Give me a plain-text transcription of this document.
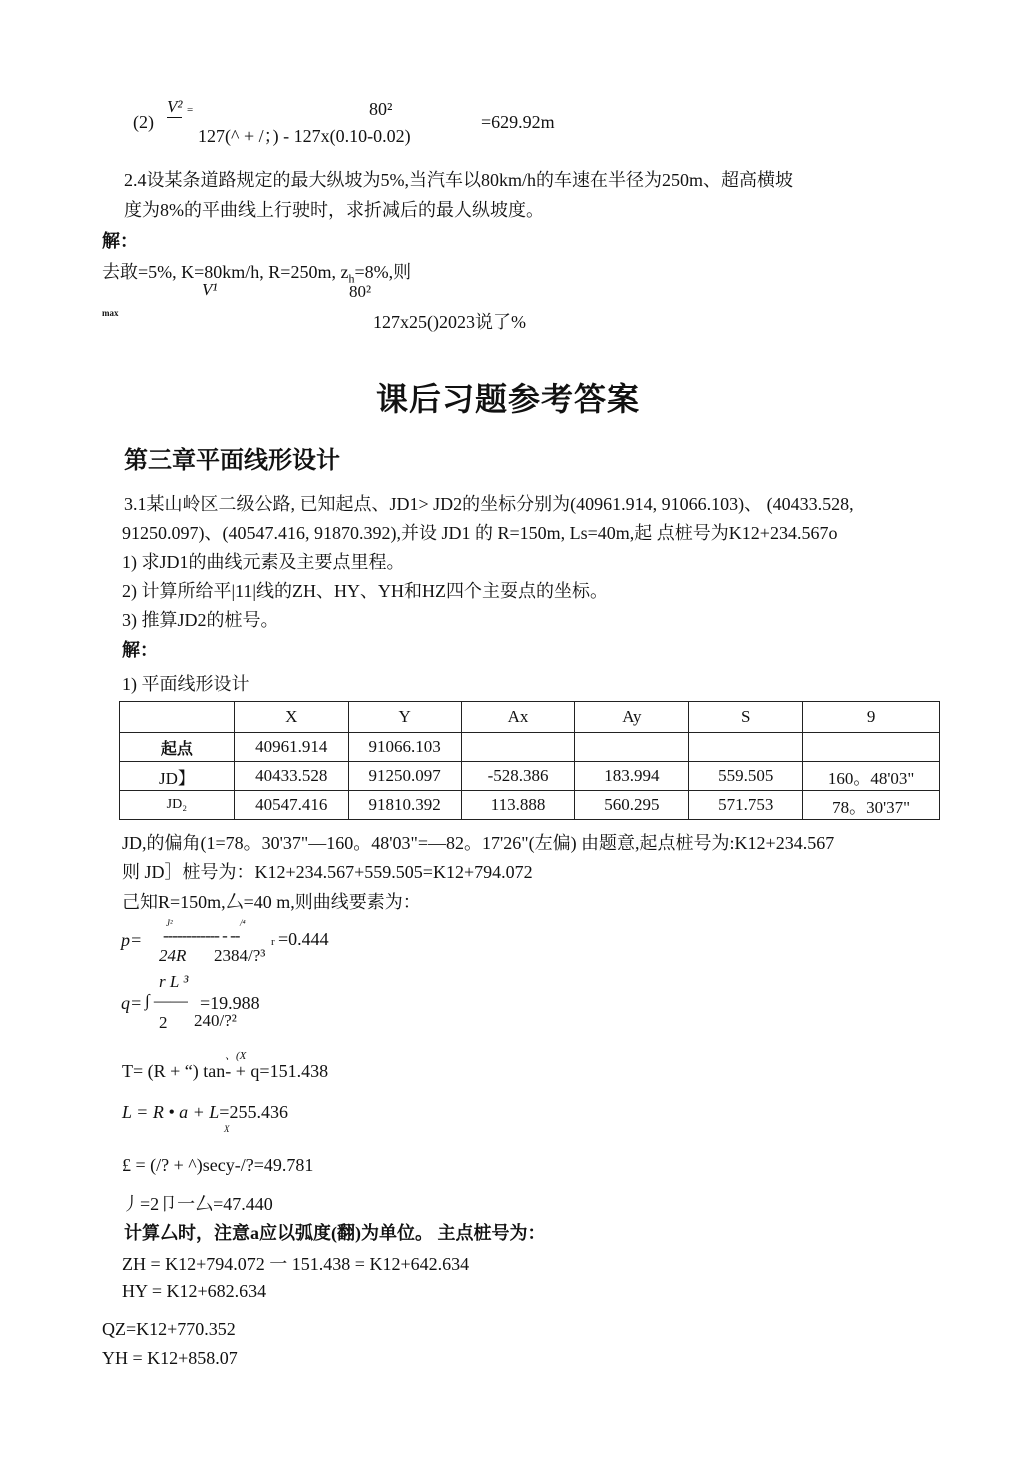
(2)
V² =	80²
127(^ + /；) - 127x(0.10-0.02)
=629.92m
2.4设某条道路规定的最大纵坡为5%,当汽车以80km/h的车速在半径为250m、超高横坡
度为8%的平曲线上行驶时，求折减后的最人纵坡度。
解：
去敢=5%, K=80km/h, R=250m, $z_h=8\%$,则
V¹	80²
max	127x25()2023说了%
课后习题参考答案
第三章平面线形设计
3.1某山岭区二级公路, 已知起点、JD1> JD2的坐标分别为(40961.914, 91066.103)、 (40433.528,
91250.097)、(40547.416, 91870.392),并设 JD1 的 R=150m, Ls=40m,起 点桩号为K12+234.567o
1) 求JD1的曲线元素及主要点里程。
2) 计算所给平|11|线的ZH、HY、YH和HZ四个主耍点的坐标。
3) 推算JD2的桩号。
解：
1) 平面线形设计
	X	Y	Ax	Ay	S	9
起点	40961.914	91066.103				
JD】	40433.528	91250.097	-528.386	183.994	559.505	160。48'03"
JD₂	40547.416	91810.392	113.888	560.295	571.753	78。30'37"
JD,的偏角(1=78。30'37"—160。48'03"=—82。17'26"(左偏) 由题意,起点桩号为:K12+234.567
则 JD］桩号为：K12+234.567+559.505=K12+794.072
己知R=150m,厶=40 m,则曲线要素为：
J²	/⁴
p= ------------ - --	r =0.444
24R 2384/?³
r L ³
q= ∫ —— =19.988
2 240/?²
、(X
T= (R + “) tan- + q=151.438
L = R • a + L=255.436
X
£ = (/? + ^)secy-/?=49.781
丿=2卩一厶=47.440
计算厶时，注意a应以弧度(翻)为单位。 主点桩号为：
ZH = K12+794.072 一 151.438 = K12+642.634
HY = K12+682.634
QZ=K12+770.352
YH = K12+858.07
